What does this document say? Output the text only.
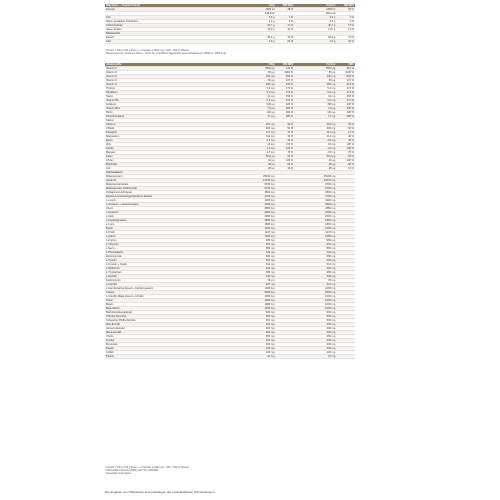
Nährwerte – Tropical Punch	100g	RM NRV	Portion	RM NRV
Energie	1484 kJ	18 %	1484 kJ	18 %
	349 kcal		349 kcal	
Fett	0,9 g	1 %	0,9 g	1 %
davon gesättigte Fettsäuren	0,3 g	2 %	0,3 g	2 %
Kohlenhydrate	40,7 g	17 %	40,7 g	17 %
davon Zucker	13,0 g	14 %	13,0 g	14 %
Ballaststoffe				
Eiweiß	35,9 g	72 %	35,9 g	72 %
Salz	1,0 g	22 %	1,0 g	22 %
¹ Portion = 100 g (100 g Pulver + 3 Kapseln à 1000 mg) = 400 – 500 ml Wasser
² Referenzmenge / Referenz-Werte – durch die empfohlene Tageszufuhr eines Erwachsenen (8400 kJ / 2000 kcal)
Inhaltsstoffe	100g	RM NRV	Portion	NRV
Vitamin A	2500 µg	312 %	2500 µg	312 %
Vitamin D	50 µg	1000 %	50 µg	1000 %
Vitamin E	100 mg	833 %	100 mg	833 %
Vitamin K	80 µg	107 %	80 µg	107 %
Vitamin C	250 mg	313 %	250 mg	313 %
Thiamin	5,2 mg	473 %	5,2 mg	473 %
Riboflavin	5,2 mg	371 %	5,2 mg	371 %
Niacin	41 mg	256 %	41 mg	256 %
Vitamin B6	5,2 mg	371 %	5,2 mg	371 %
Folsäure	400 µg	200 %	400 µg	200 %
Vitamin B12	7,5 µg	300 %	7,5 µg	300 %
Biotin	100 µg	200 %	100 µg	200 %
Pantothensäure	17 mg	283 %	17 mg	283 %
Kalium				
Kalzium	261 mg	33 %	261 mg	33 %
Chlorid	400 mg	50 %	400 mg	50 %
Phosphor	117 mg	17 %	117 mg	17 %
Magnesium	114 mg	30 %	114 mg	30 %
Eisen	4,5 mg	32 %	4,5 mg	32 %
Zink	10 mg	100 %	10 mg	100 %
Kupfer	1,0 mg	100 %	1,0 mg	100 %
Mangan	1,5 mg	75 %	1,5 mg	75 %
Selen	50,0 µg	91 %	50,0 µg	91 %
Chrom	40 µg	100 %	40 µg	100 %
Molybdän	45 µg	90 %	45 µg	90 %
Jod	28 µg	19 %	28 µg	19 %
Aminosäuren				
Molkenprotein	35100 mg		35100 mg	
Glutamin	14070 mg		14070 mg	
Molkenproteinisolat	9700 mg		9700 mg	
Molkenprotein Kohlehydrat	5700 mg		5700 mg	
Kollagenes Hydrolysat	4800 mg		4800 mg	
Eiweiß-Aminosäuregehalt davon Eiweiß	4700 mg		4700 mg	
L-Leucin	4400 mg		4400 mg	
L-Glutamin + Glutaminsäure	3000 mg		3000 mg	
Glycin	2850 mg		2850 mg	
L-Isoleucin	2000 mg		2000 mg	
L-Valin	2000 mg		2000 mg	
L-Asparaginsäure	1860 mg		1860 mg	
L-Lysin	1800 mg		1800 mg	
Taurin	1200 mg		1200 mg	
L-Prolin	1147 mg		1147 mg	
L-Alanin	1056 mg		1056 mg	
L-Arginin	983 mg		983 mg	
L-Threonin	952 mg		952 mg	
L-Serin	884 mg		884 mg	
L-Phenylalanin	722 mg		722 mg	
Hydroxyprolin	680 mg		680 mg	
L-Tyrosin	600 mg		600 mg	
L-Cystein + Cystin	514 mg		514 mg	
L-Methionin	402 mg		402 mg	
L-Tryptophan	380 mg		380 mg	
L-Histidin	346 mg		346 mg	
Hydroxylysin	78 mg		78 mg	
L-Carnitin	327 mg		327 mg	
L-Carnitintartrat davon L-Carnitin gesamt	1000 mg		1000 mg	
Creatin	5000 mg		5000 mg	
L-Citrullin-Malat davon L-Citrullin	1000 mg		1000 mg	
Taurin	1000 mg		1000 mg	
Betain	1000 mg		1000 mg	
Beta-Alanin	1000 mg		1000 mg	
Bockshornklee-Extrakt	600 mg		600 mg	
Tribulus Terrestris	500 mg		500 mg	
Schwarzer Pfeffer-Extrakt	500 mg		500 mg	
Zink-Extrakt	400 mg		400 mg	
Ginseng-Extrakt	400 mg		400 mg	
Maca-Extrakt	300 mg		300 mg	
Cholin	250 mg		250 mg	
Inositol	200 mg		200 mg	
Bromelain	200 mg		200 mg	
Papain	200 mg		200 mg	
Coffein	120 mg		120 mg	
Piperin	10 mg		10 mg	
¹ Portion = 100 g (100 g Pulver + 3 Kapseln à 1000 mg) = 400 – 500 ml Wasser
² Nährstoffbezugswerte (NRV) nach VO 1169/2011
³ Essentielle Aminosäure
Die Angaben zum Mittelwerte sind unterliegen der produktüblichen Schwankungen
